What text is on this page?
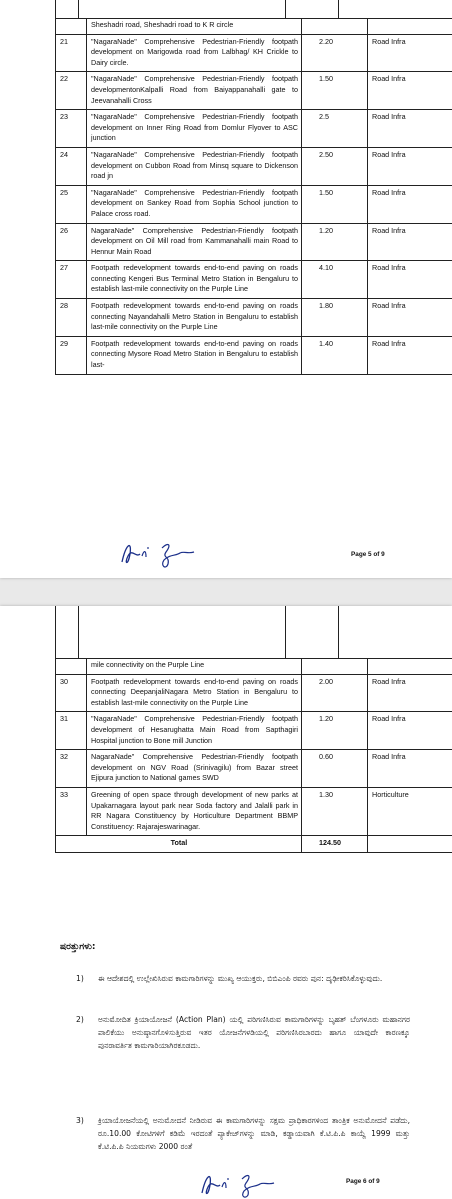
	Sheshadri road, Sheshadri road to K R circle		
21	"NagaraNade" Comprehensive Pedestrian-Friendly footpath development on Marigowda road from Lalbhag/ KH Crickle to Dairy circle.	2.20	Road Infra
22	"NagaraNade" Comprehensive Pedestrian-Friendly footpath developmentonKalpalli Road from Baiyappanahalli gate to Jeevanahalli Cross	1.50	Road Infra
23	"NagaraNade" Comprehensive Pedestrian-Friendly footpath development on Inner Ring Road from Domlur Flyover to ASC junction	2.5	Road Infra
24	"NagaraNade" Comprehensive Pedestrian-Friendly footpath development on Cubbon Road from Minsq square to Dickenson road jn	2.50	Road Infra
25	"NagaraNade" Comprehensive Pedestrian-Friendly footpath development on Sankey Road from Sophia School junction to Palace cross road.	1.50	Road Infra
26	NagaraNade" Comprehensive Pedestrian-Friendly footpath development on Oil Mill road from Kammanahalli main Road to Hennur Main Road	1.20	Road Infra
27	Footpath redevelopment towards end-to-end paving on roads connecting Kengeri Bus Terminal Metro Station in Bengaluru to establish last-mile connectivity on the Purple Line	4.10	Road Infra
28	Footpath redevelopment towards end-to-end paving on roads connecting Nayandahalli Metro Station in Bengaluru to establish last-mile connectivity on the Purple Line	1.80	Road Infra
29	Footpath redevelopment towards end-to-end paving on roads connecting Mysore Road Metro Station in Bengaluru to establish last-	1.40	Road Infra
Page 5 of 9
	mile connectivity on the Purple Line		
30	Footpath redevelopment towards end-to-end paving on roads connecting DeepanjaliNagara Metro Station in Bengaluru to establish last-mile connectivity on the Purple Line	2.00	Road Infra
31	"NagaraNade" Comprehensive Pedestrian-Friendly footpath development of Hesarughatta Main Road from Sapthagiri Hospital junction to Bone mill Junction	1.20	Road Infra
32	NagaraNade" Comprehensive Pedestrian-Friendly footpath development on NGV Road (Srinivagilu) from Bazar street Ejipura junction to National games SWD	0.60	Road Infra
33	Greening of open space through development of new parks at Upakarnagara layout park near Soda factory and Jalalli park in RR Nagara Constituency by Horticulture Department BBMP Constituency: Rajarajeswarinagar.	1.30	Horticulture
Total		124.50	
ಷರತ್ತುಗಳು:
1) ಈ ಆದೇಶದಲ್ಲಿ ಉಲ್ಲೇಖಿಸಿರುವ ಕಾಮಗಾರಿಗಳನ್ನು ಮುಖ್ಯ ಆಯುಕ್ತರು, ಬಿಬಿಎಂಪಿ ರವರು ಪುನ: ದೃಢೀಕರಿಸಿಕೊಳ್ಳುವುದು.
2) ಅನುಮೋದಿತ ಕ್ರಿಯಾಯೋಜನೆ (Action Plan) ಯಲ್ಲಿ ಪರಿಗಣಿಸಿರುವ ಕಾಮಗಾರಿಗಳನ್ನು ಬೃಹತ್ ಬೆಂಗಳೂರು ಮಹಾನಗರ ಪಾಲಿಕೆಯು ಅನುಷ್ಠಾನಗೊಳಿಸುತ್ತಿರುವ ಇತರ ಯೋಜನೆಗಳಡಿಯಲ್ಲಿ ಪರಿಗಣಿಸಿರಬಾರದು ಹಾಗೂ ಯಾವುದೇ ಕಾರಣಕ್ಕೂ ಪುನರಾವರ್ತಿತ ಕಾಮಗಾರಿಯಾಗಿರಕೂಡದು.
3) ಕ್ರಿಯಾಯೋಜನೆಯಲ್ಲಿ ಅನುಮೋದನೆ ನೀಡಿರುವ ಈ ಕಾಮಗಾರಿಗಳನ್ನು ಸಕ್ಷಮ ಪ್ರಾಧಿಕಾರಗಳಿಂದ ತಾಂತ್ರಿಕ ಅನುಮೋದನೆ ಪಡೆದು, ರೂ.10.00 ಕೋಟಿಗಳಿಗೆ ಕಡಿಮೆ ಇರದಂತೆ ಪ್ಯಾಕೇಜ್‌ಗಳನ್ನು ಮಾಡಿ, ಕಡ್ಡಾಯವಾಗಿ ಕೆ.ಟಿ.ಪಿ.ಪಿ ಕಾಯ್ದೆ 1999 ಮತ್ತು ಕೆ.ಟಿ.ಪಿ.ಪಿ ನಿಯಮಗಳು 2000 ರಂತೆ
Page 6 of 9
